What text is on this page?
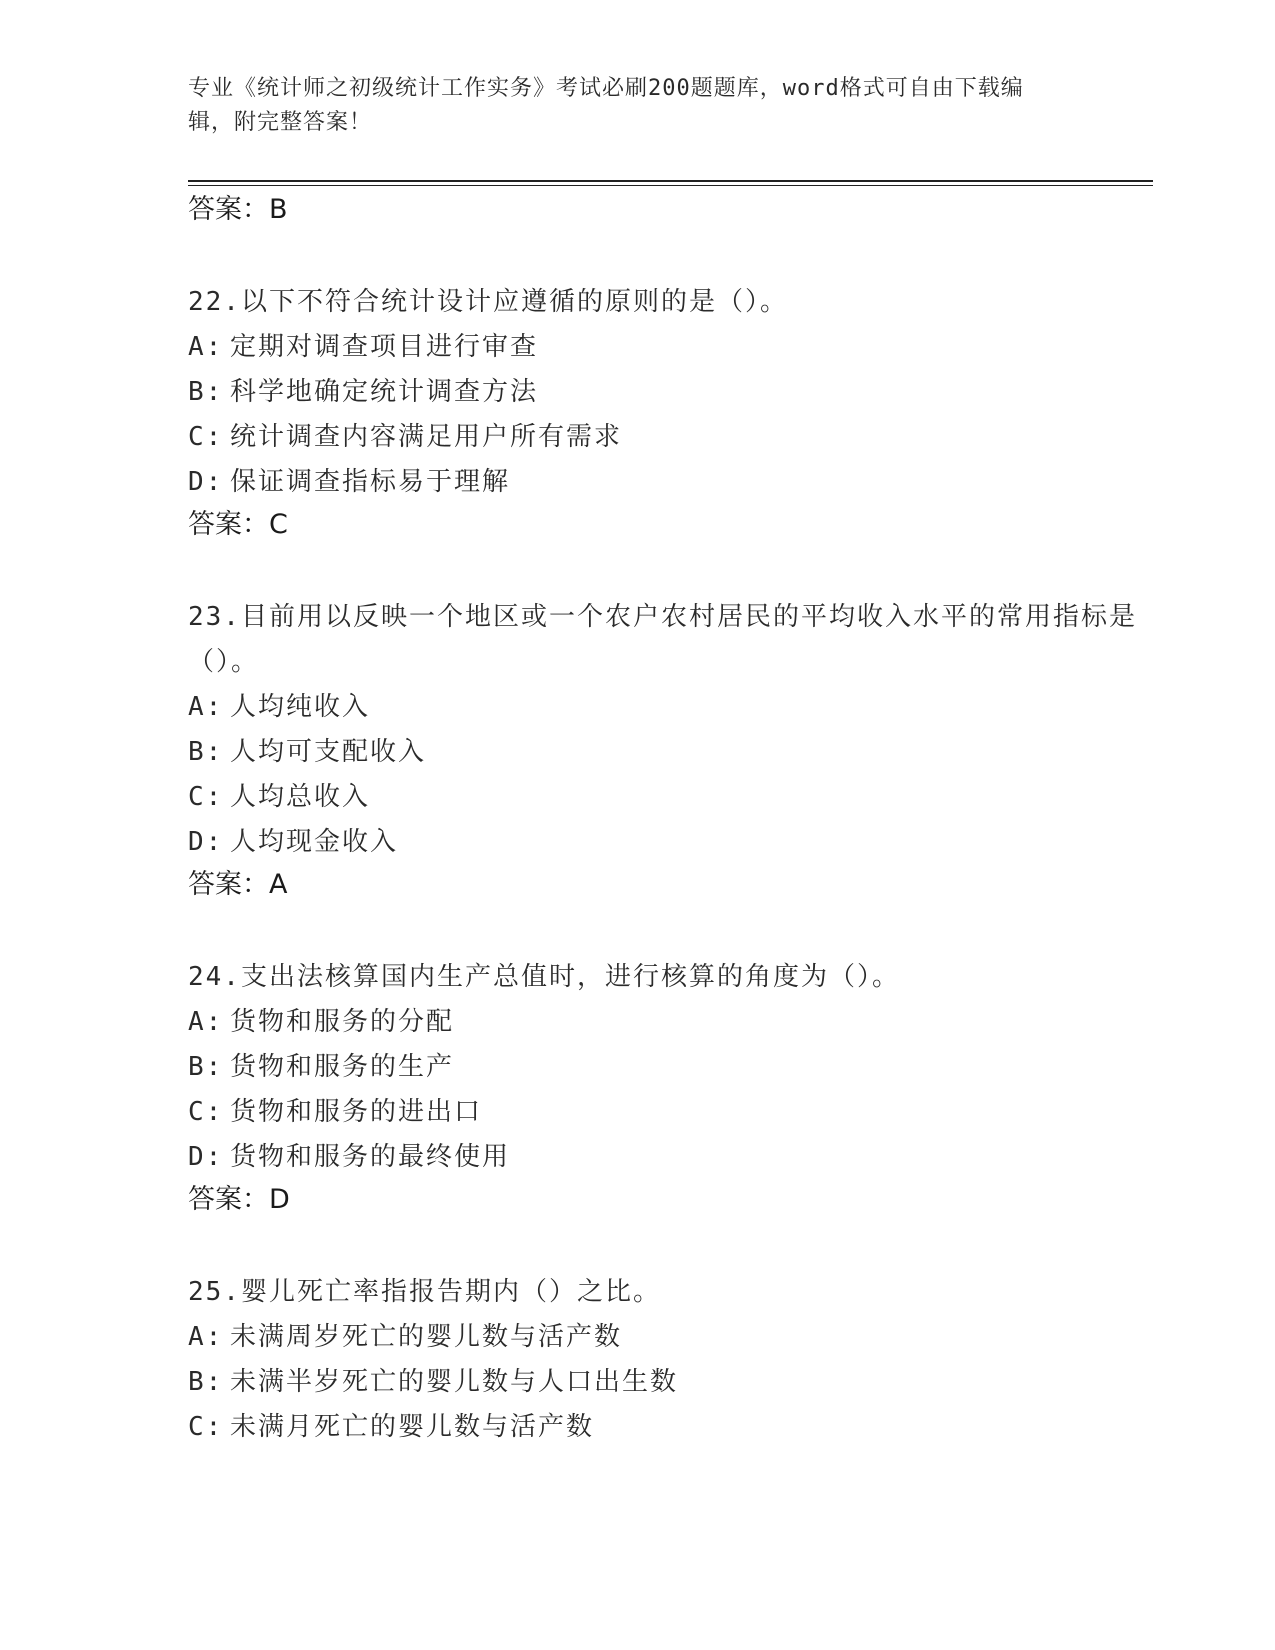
专业《统计师之初级统计工作实务》考试必刷200题题库，word格式可自由下载编辑，附完整答案！
答案：B
22.以下不符合统计设计应遵循的原则的是（）。
A: 定期对调查项目进行审查
B: 科学地确定统计调查方法
C: 统计调查内容满足用户所有需求
D: 保证调查指标易于理解
答案：C
23.目前用以反映一个地区或一个农户农村居民的平均收入水平的常用指标是（）。
A: 人均纯收入
B: 人均可支配收入
C: 人均总收入
D: 人均现金收入
答案：A
24.支出法核算国内生产总值时，进行核算的角度为（）。
A: 货物和服务的分配
B: 货物和服务的生产
C: 货物和服务的进出口
D: 货物和服务的最终使用
答案：D
25.婴儿死亡率指报告期内（）之比。
A: 未满周岁死亡的婴儿数与活产数
B: 未满半岁死亡的婴儿数与人口出生数
C: 未满月死亡的婴儿数与活产数
